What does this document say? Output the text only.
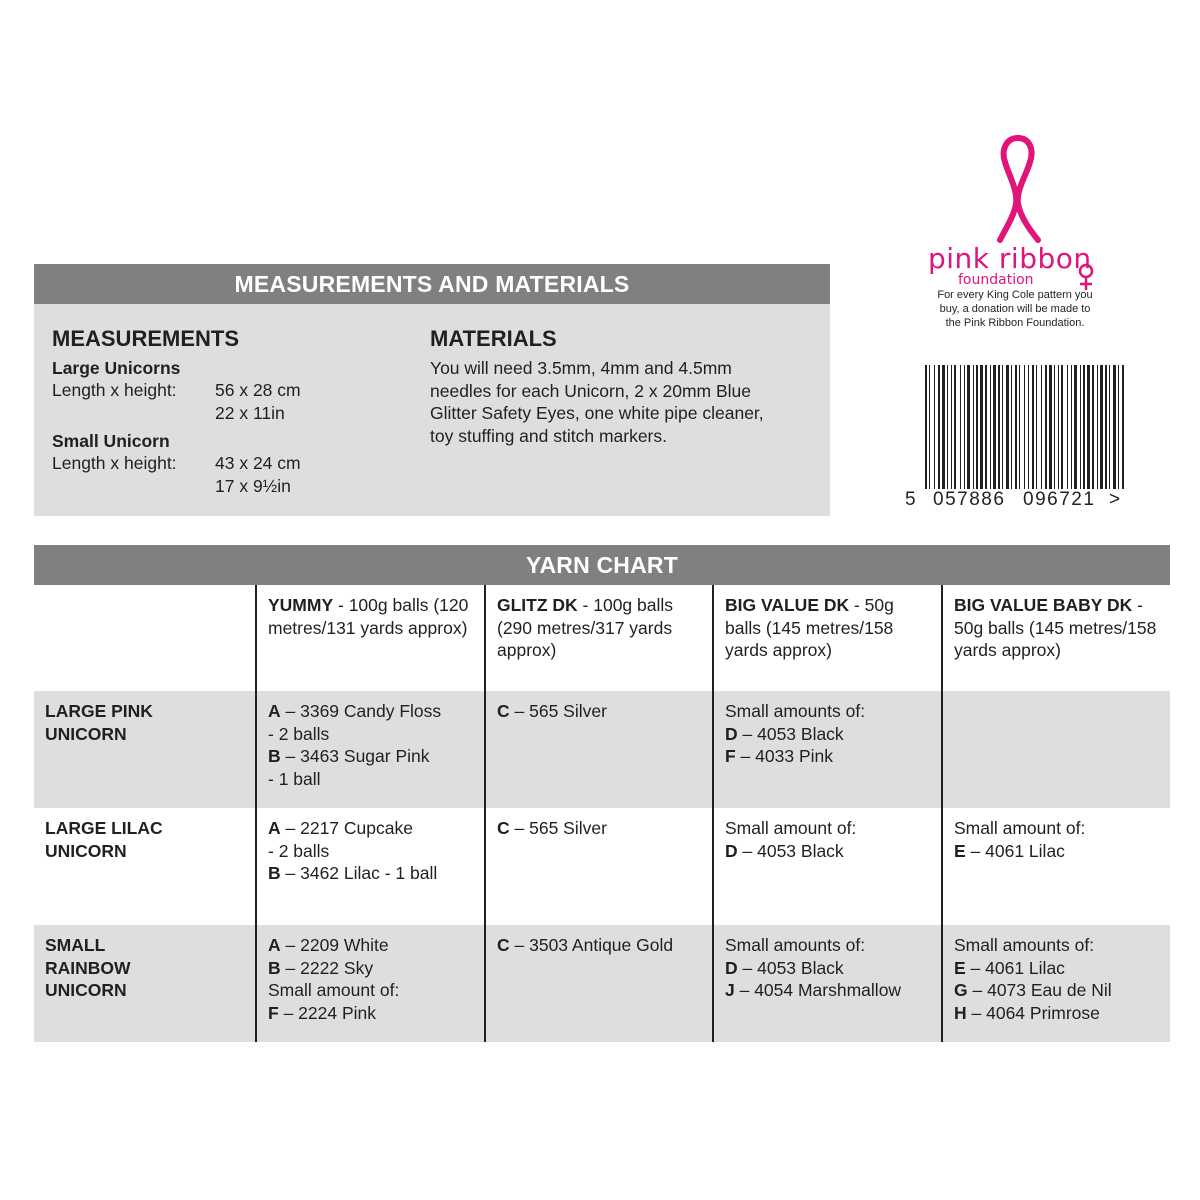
pink ribbon
foundation
For every King Cole pattern you
buy, a donation will be made to
the Pink Ribbon Foundation.
5 057886 096721 >
MEASUREMENTS AND MATERIALS
MEASUREMENTS
Large Unicorns
Length x height: 56 x 28 cm
22 x 11in
Small Unicorn
Length x height: 43 x 24 cm
17 x 9½in
MATERIALS
You will need 3.5mm, 4mm and 4.5mm
needles for each Unicorn, 2 x 20mm Blue
Glitter Safety Eyes, one white pipe cleaner,
toy stuffing and stitch markers.
YARN CHART
	YUMMY - 100g balls (120 metres/131 yards approx)	GLITZ DK - 100g balls (290 metres/317 yards approx)	BIG VALUE DK - 50g balls (145 metres/158 yards approx)	BIG VALUE BABY DK - 50g balls (145 metres/158 yards approx)
LARGE PINK UNICORN	A – 3369 Candy Floss
- 2 balls
B – 3463 Sugar Pink
- 1 ball	C – 565 Silver	Small amounts of:
D – 4053 Black
F – 4033 Pink	

LARGE LILAC UNICORN	A – 2217 Cupcake
- 2 balls
B – 3462 Lilac - 1 ball	C – 565 Silver	Small amount of:
D – 4053 Black	Small amount of:
E – 4061 Lilac

SMALL RAINBOW UNICORN	A – 2209 White
B – 2222 Sky
Small amount of:
F – 2224 Pink	C – 3503 Antique Gold	Small amounts of:
D – 4053 Black
J – 4054 Marshmallow	Small amounts of:
E – 4061 Lilac
G – 4073 Eau de Nil
H – 4064 Primrose
